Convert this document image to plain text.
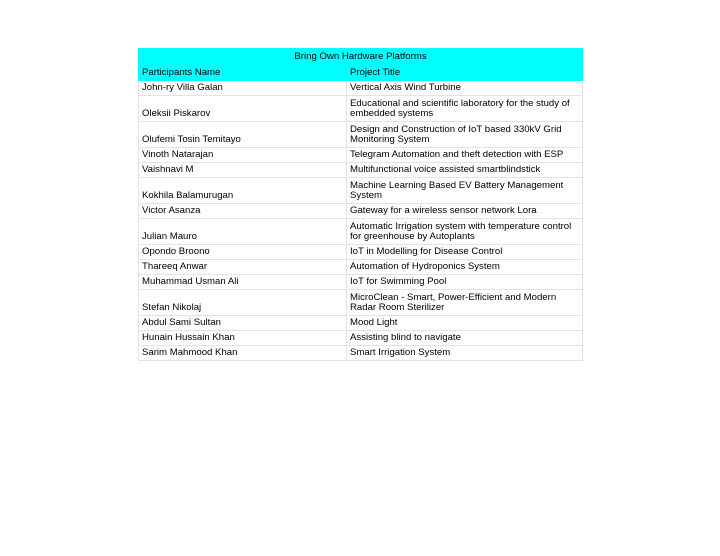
Bring Own Hardware Platforms	
Participants Name	Project Title
John-ry Villa Galan	Vertical Axis Wind Turbine
Oleksii Piskarov	Educational and scientific laboratory for the study of embedded systems
Olufemi Tosin Temitayo	Design and Construction of IoT based 330kV Grid Monitoring System
Vinoth Natarajan	Telegram Automation and theft detection with ESP
Vaishnavi M	Multifunctional voice assisted smartblindstick
Kokhila Balamurugan	Machine Learning Based EV Battery Management System
Victor Asanza	Gateway for a wireless sensor network Lora
Julian Mauro	Automatic Irrigation system with temperature control for greenhouse by Autoplants
Opondo Broono	IoT in Modelling for Disease Control
Thareeq Anwar	Automation of Hydroponics System
Muhammad Usman Ali	IoT for Swimming Pool
Stefan Nikolaj	MicroClean - Smart, Power-Efficient and Modern Radar Room Sterilizer
Abdul Sami Sultan	Mood Light
Hunain Hussain Khan	Assisting blind to navigate
Sarim Mahmood Khan	Smart Irrigation System
